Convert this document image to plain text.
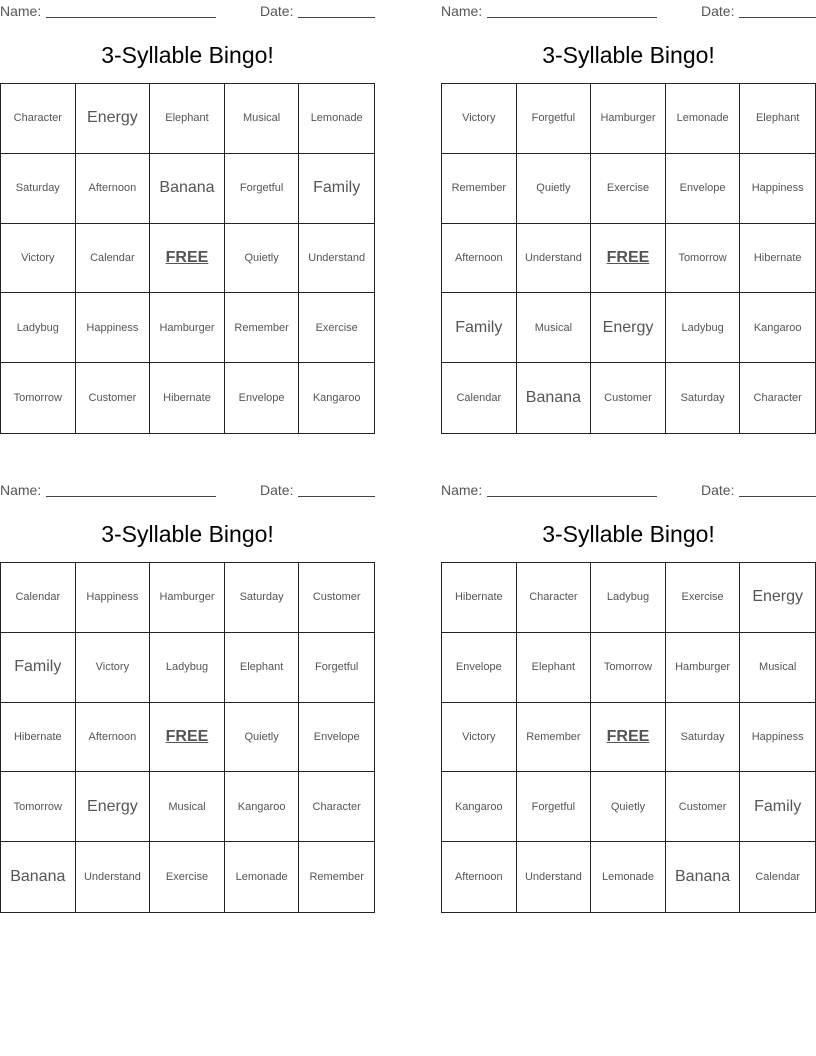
Name:	Date:
3-Syllable Bingo!
Character	Energy	Elephant	Musical	Lemonade
Saturday	Afternoon	Banana	Forgetful	Family
Victory	Calendar	FREE	Quietly	Understand
Ladybug	Happiness	Hamburger	Remember	Exercise
Tomorrow	Customer	Hibernate	Envelope	Kangaroo
Name:	Date:
3-Syllable Bingo!
Victory	Forgetful	Hamburger	Lemonade	Elephant
Remember	Quietly	Exercise	Envelope	Happiness
Afternoon	Understand	FREE	Tomorrow	Hibernate
Family	Musical	Energy	Ladybug	Kangaroo
Calendar	Banana	Customer	Saturday	Character
Name:	Date:
3-Syllable Bingo!
Calendar	Happiness	Hamburger	Saturday	Customer
Family	Victory	Ladybug	Elephant	Forgetful
Hibernate	Afternoon	FREE	Quietly	Envelope
Tomorrow	Energy	Musical	Kangaroo	Character
Banana	Understand	Exercise	Lemonade	Remember
Name:	Date:
3-Syllable Bingo!
Hibernate	Character	Ladybug	Exercise	Energy
Envelope	Elephant	Tomorrow	Hamburger	Musical
Victory	Remember	FREE	Saturday	Happiness
Kangaroo	Forgetful	Quietly	Customer	Family
Afternoon	Understand	Lemonade	Banana	Calendar
